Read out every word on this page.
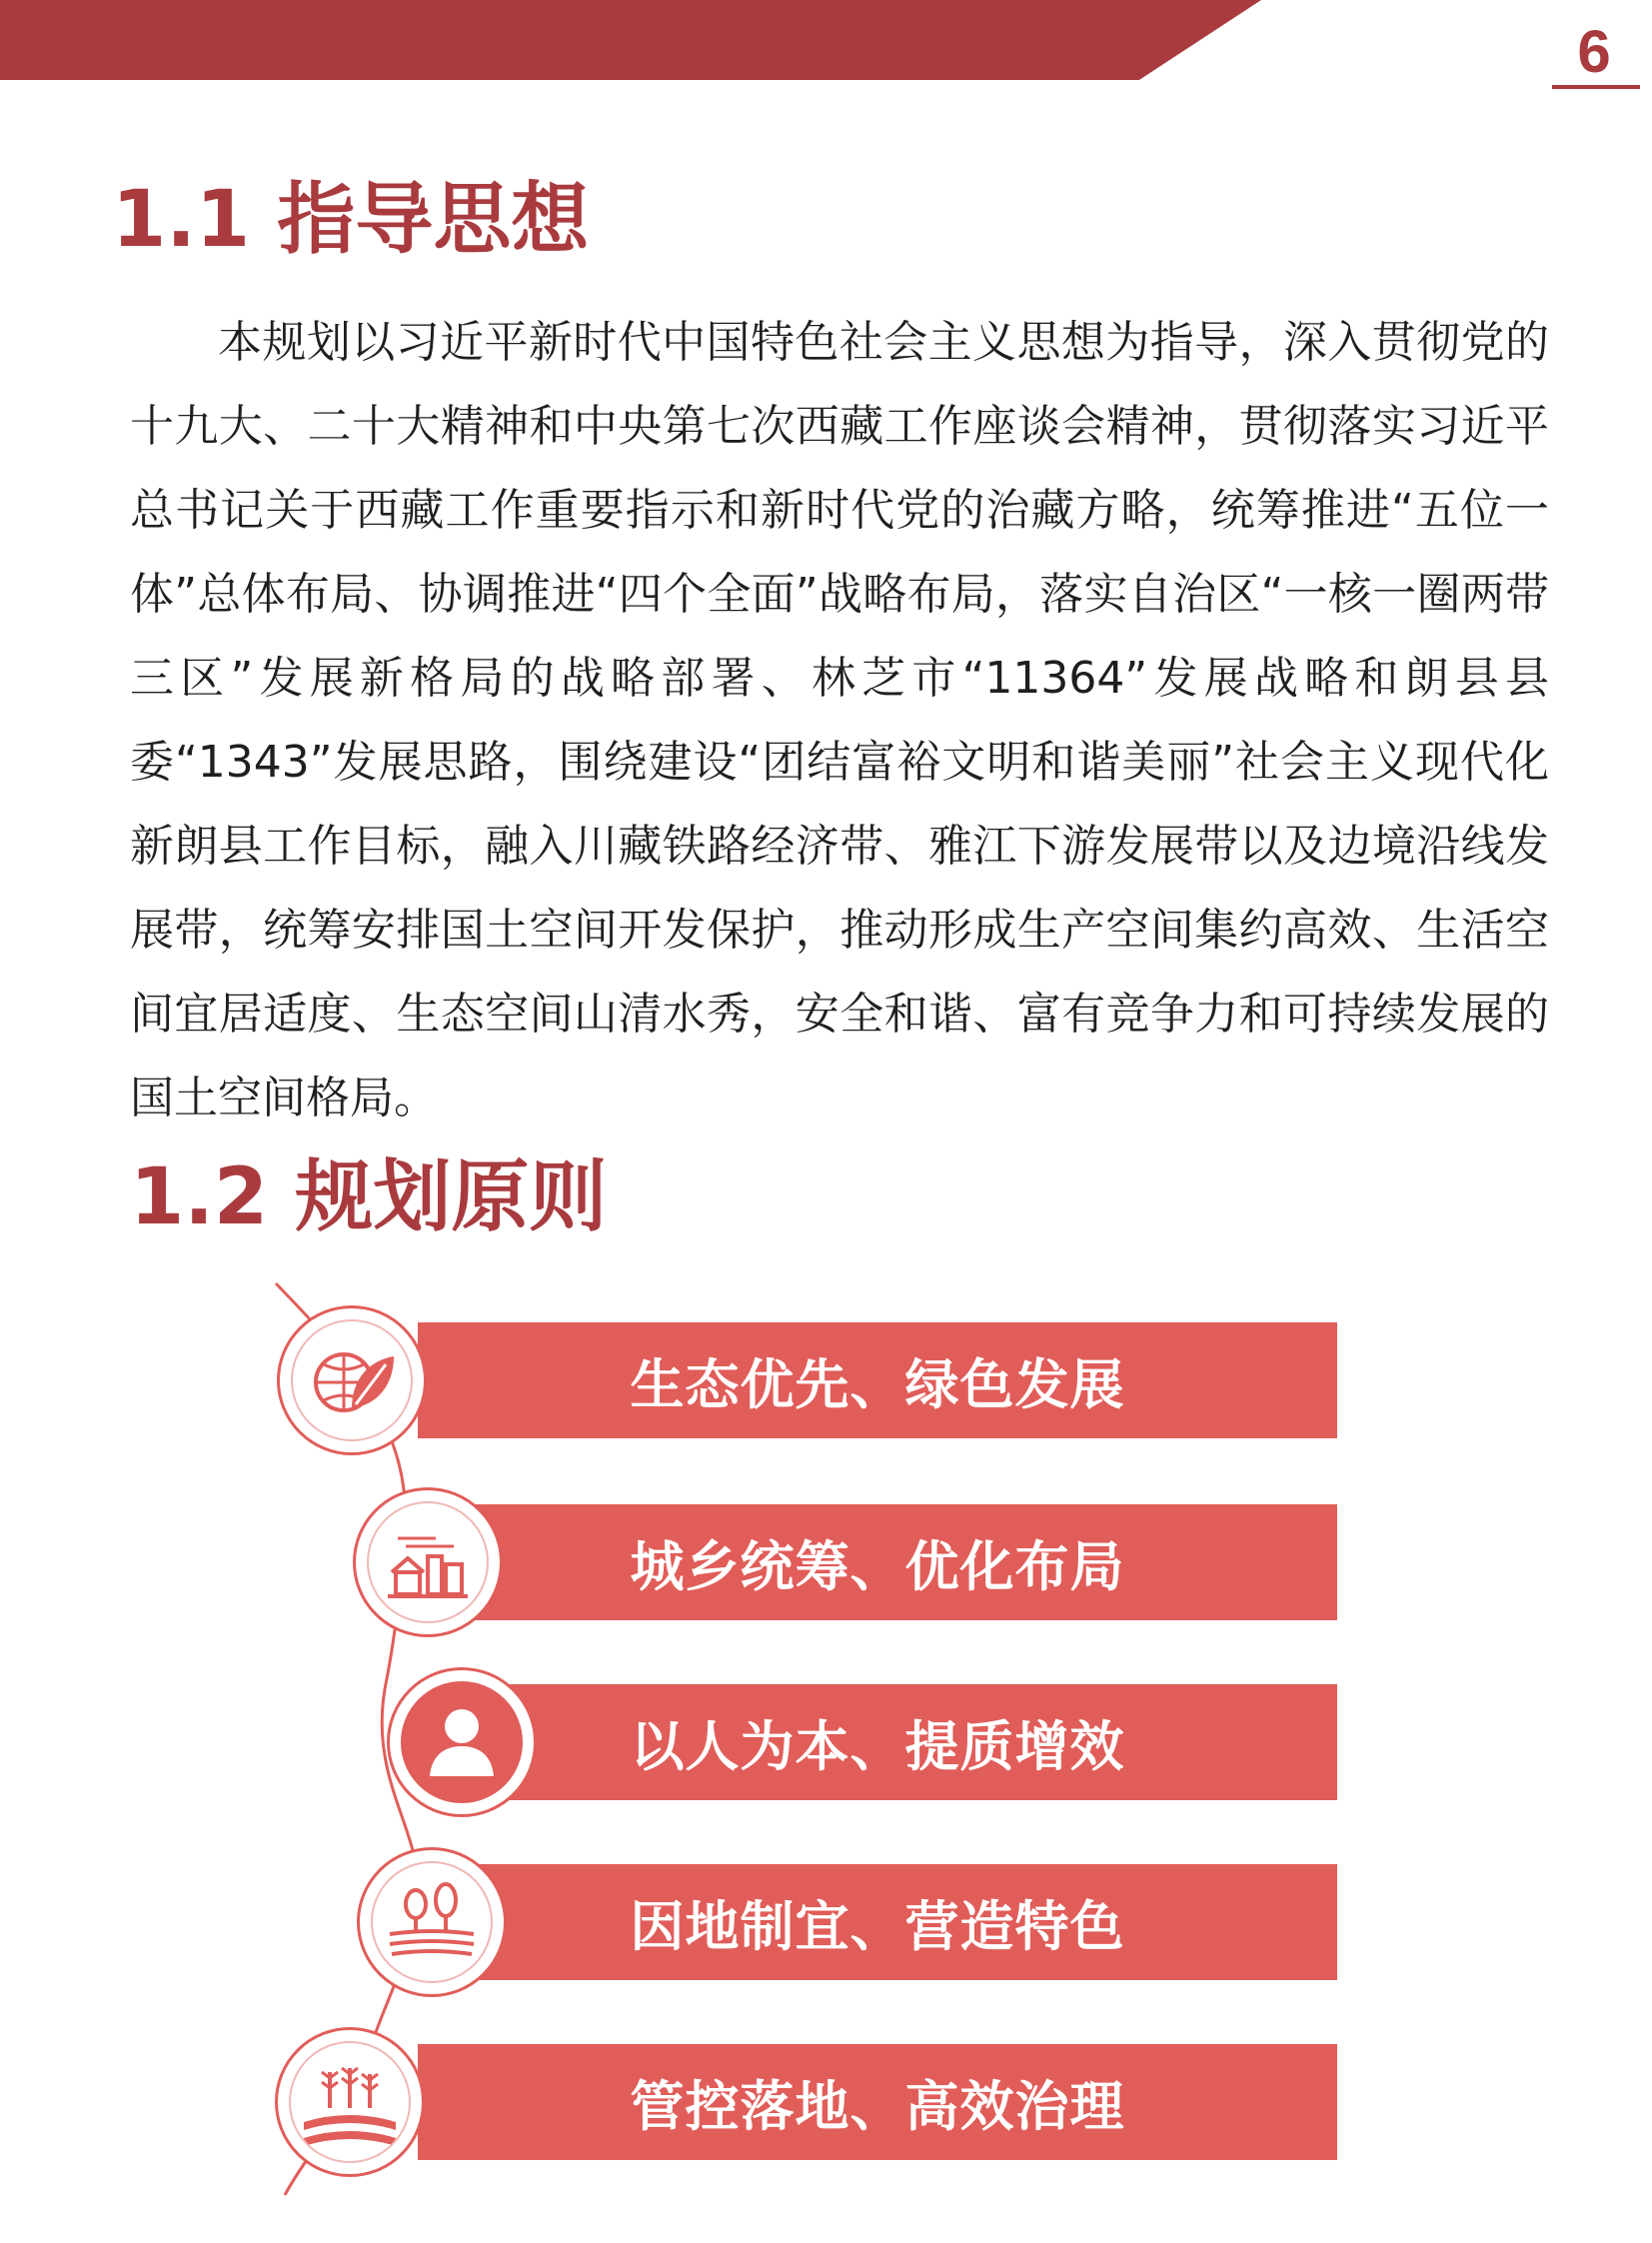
6
1.1 指导思想

本规划以习近平新时代中国特色社会主义思想为指导，深入贯彻党的十九大、二十大精神和中央第七次西藏工作座谈会精神，贯彻落实习近平总书记关于西藏工作重要指示和新时代党的治藏方略，统筹推进“五位一体”总体布局、协调推进“四个全面”战略布局，落实自治区“一核一圈两带三区”发展新格局的战略部署、林芝市“11364”发展战略和朗县县委“1343”发展思路，围绕建设“团结富裕文明和谐美丽”社会主义现代化新朗县工作目标，融入川藏铁路经济带、雅江下游发展带以及边境沿线发展带，统筹安排国土空间开发保护，推动形成生产空间集约高效、生活空间宜居适度、生态空间山清水秀，安全和谐、富有竞争力和可持续发展的国土空间格局。

1.2 规划原则
生态优先、绿色发展
城乡统筹、优化布局
以人为本、提质增效
因地制宜、营造特色
管控落地、高效治理
